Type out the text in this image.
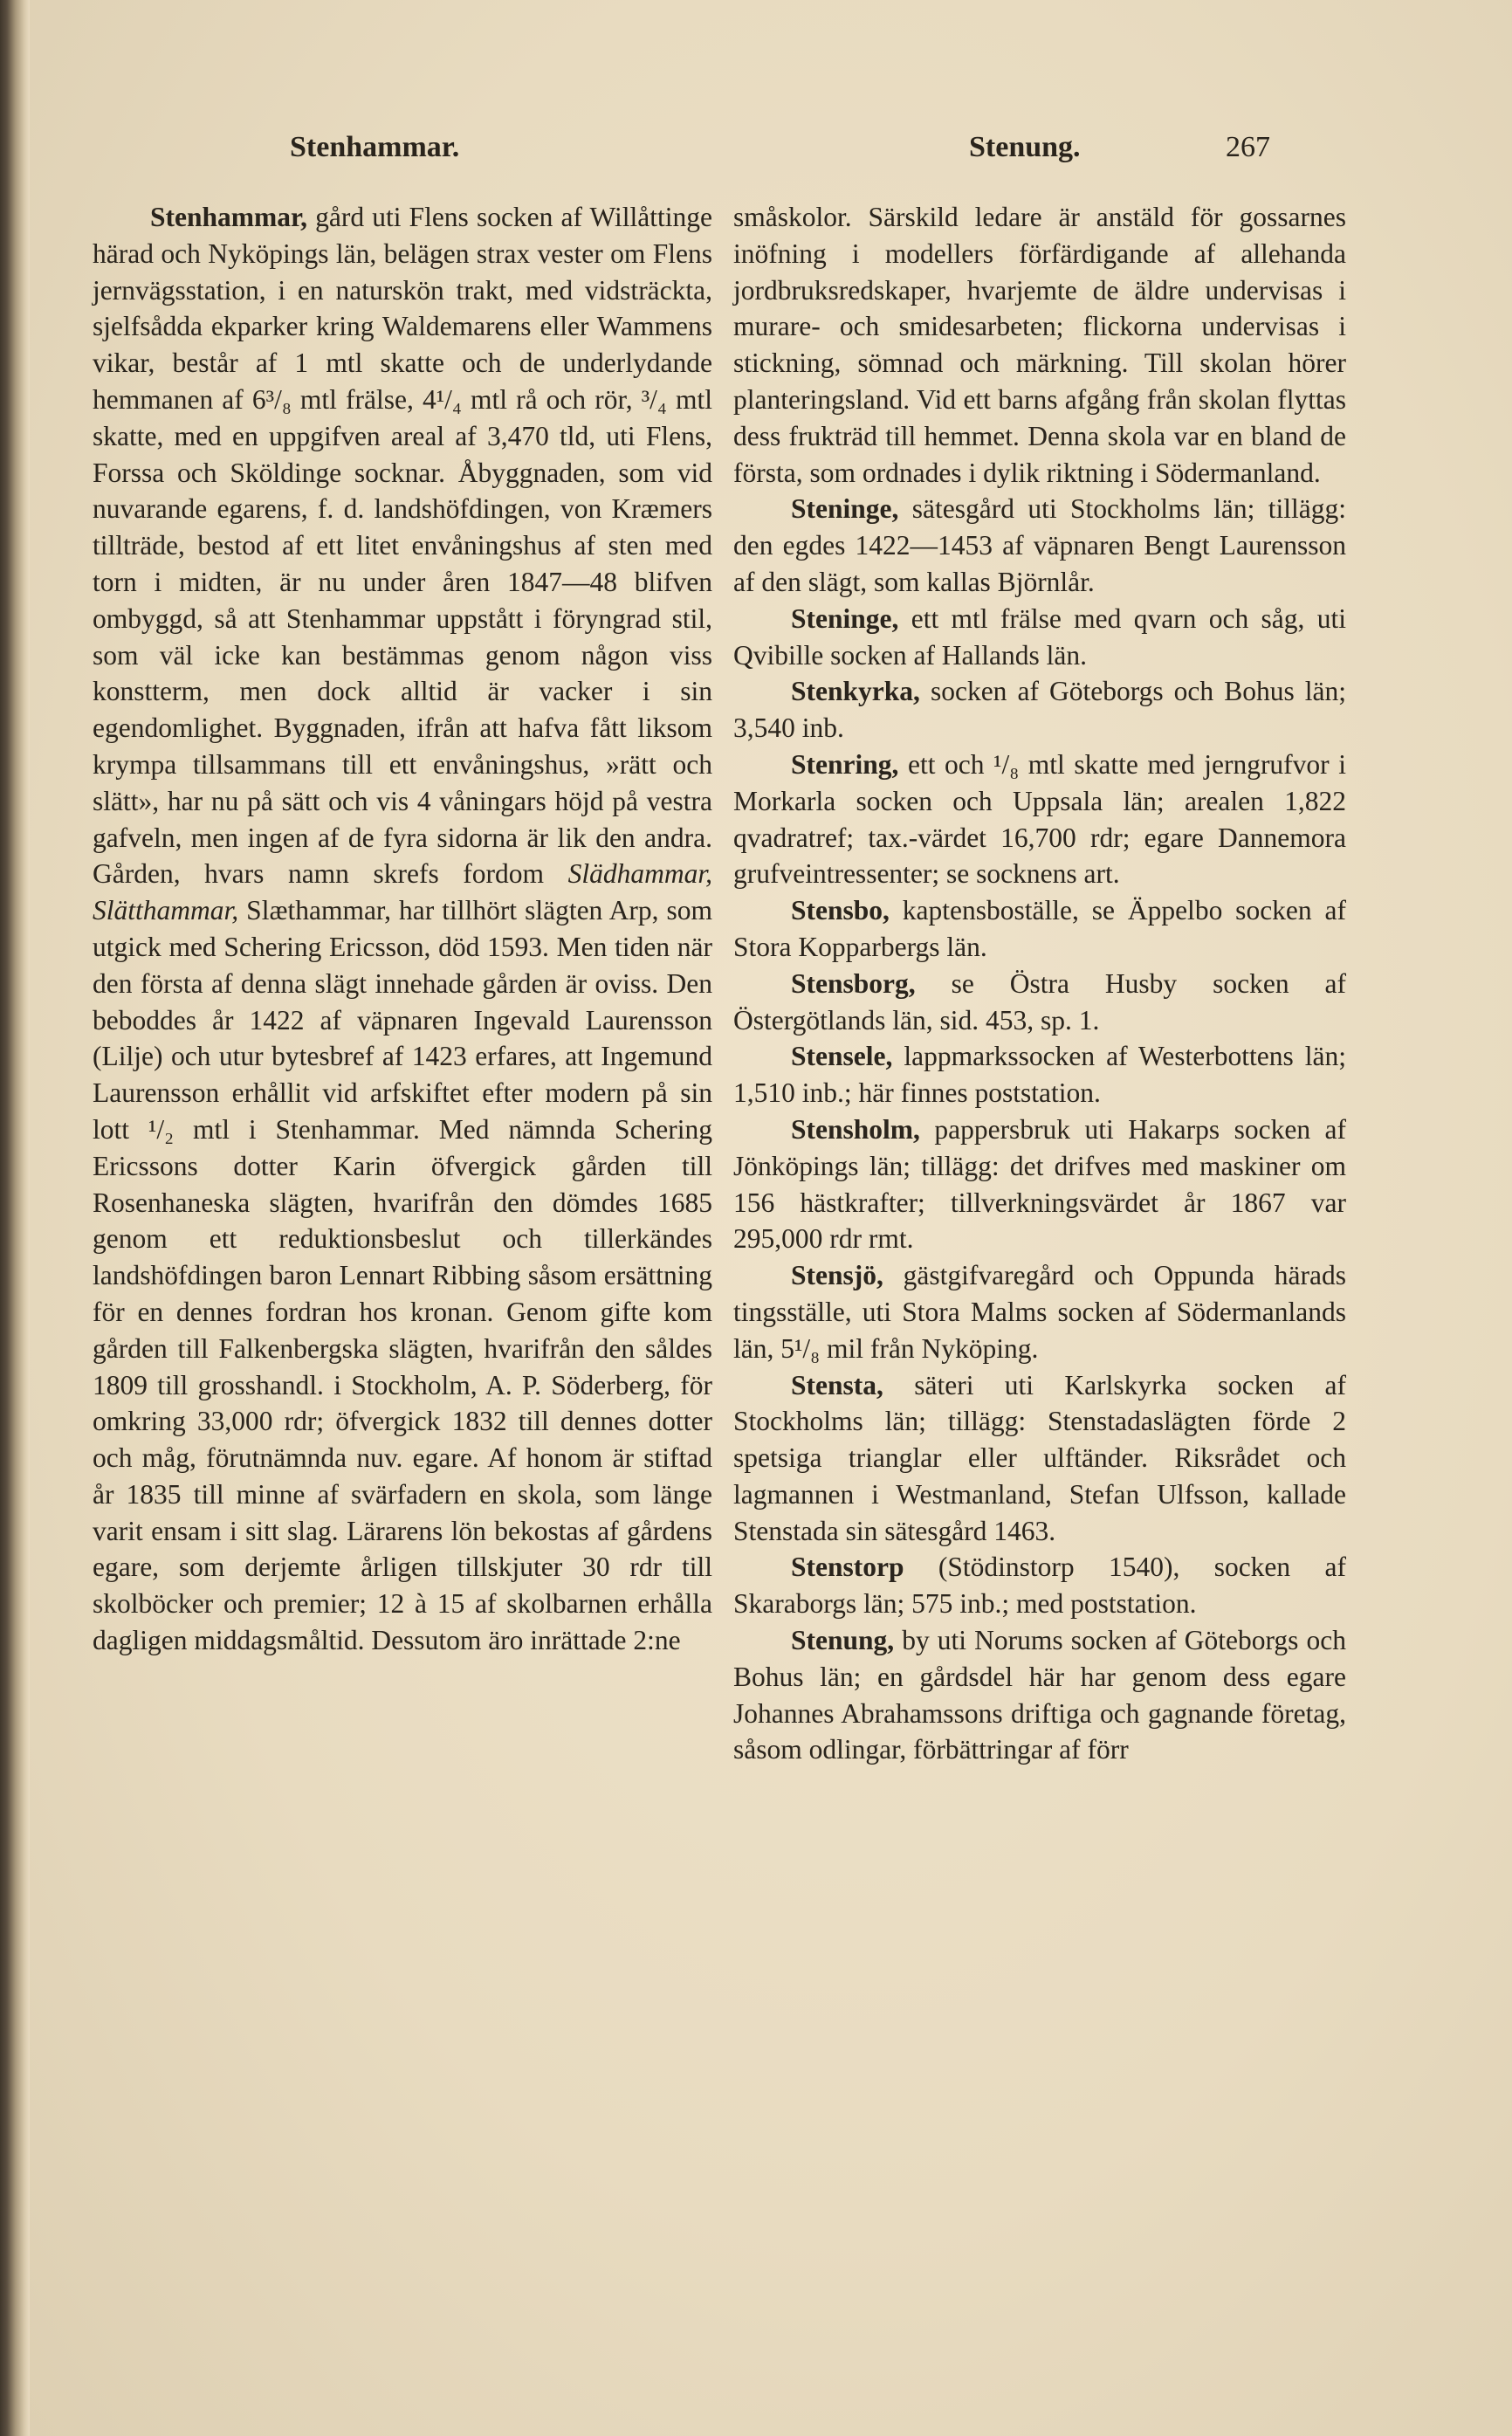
Stenhammar.	Stenung.	267

Stenhammar, gård uti Flens socken af Willåttinge härad och Nyköpings län, belägen strax vester om Flens jernvägsstation, i en naturskön trakt, med vidsträckta, sjelfsådda ekparker kring Waldemarens eller Wammens vikar, består af 1 mtl skatte och de underlydande hemmanen af 6³/₈ mtl frälse, 4¹/₄ mtl rå och rör, ³/₄ mtl skatte, med en uppgifven areal af 3,470 tld, uti Flens, Forssa och Sköldinge socknar. Åbyggnaden, som vid nuvarande egarens, f. d. landshöfdingen, von Kræmers tillträde, bestod af ett litet envåningshus af sten med torn i midten, är nu under åren 1847—48 blifven ombyggd, så att Stenhammar uppstått i föryngrad stil, som väl icke kan bestämmas genom någon viss konstterm, men dock alltid är vacker i sin egendomlighet. Byggnaden, ifrån att hafva fått liksom krympa tillsammans till ett envåningshus, »rätt och slätt», har nu på sätt och vis 4 våningars höjd på vestra gafveln, men ingen af de fyra sidorna är lik den andra. Gården, hvars namn skrefs fordom Slädhammar, Slätthammar, Slæthammar, har tillhört slägten Arp, som utgick med Schering Ericsson, död 1593. Men tiden när den första af denna slägt innehade gården är oviss. Den beboddes år 1422 af väpnaren Ingevald Laurensson (Lilje) och utur bytesbref af 1423 erfares, att Ingemund Laurensson erhållit vid arfskiftet efter modern på sin lott ¹/₂ mtl i Stenhammar. Med nämnda Schering Ericssons dotter Karin öfvergick gården till Rosenhaneska slägten, hvarifrån den dömdes 1685 genom ett reduktionsbeslut och tillerkändes landshöfdingen baron Lennart Ribbing såsom ersättning för en dennes fordran hos kronan. Genom gifte kom gården till Falkenbergska slägten, hvarifrån den såldes 1809 till grosshandl. i Stockholm, A. P. Söderberg, för omkring 33,000 rdr; öfvergick 1832 till dennes dotter och måg, förutnämnda nuv. egare. Af honom är stiftad år 1835 till minne af svärfadern en skola, som länge varit ensam i sitt slag. Lärarens lön bekostas af gårdens egare, som derjemte årligen tillskjuter 30 rdr till skolböcker och premier; 12 à 15 af skolbarnen erhålla dagligen middagsmåltid. Dessutom äro inrättade 2:ne

småskolor. Särskild ledare är anstäld för gossarnes inöfning i modellers förfärdigande af allehanda jordbruksredskaper, hvarjemte de äldre undervisas i murare- och smidesarbeten; flickorna undervisas i stickning, sömnad och märkning. Till skolan hörer planteringsland. Vid ett barns afgång från skolan flyttas dess frukträd till hemmet. Denna skola var en bland de första, som ordnades i dylik riktning i Södermanland.

Steninge, sätesgård uti Stockholms län; tillägg: den egdes 1422—1453 af väpnaren Bengt Laurensson af den slägt, som kallas Björnlår.

Steninge, ett mtl frälse med qvarn och såg, uti Qvibille socken af Hallands län.

Stenkyrka, socken af Göteborgs och Bohus län; 3,540 inb.

Stenring, ett och ¹/₈ mtl skatte med jerngrufvor i Morkarla socken och Uppsala län; arealen 1,822 qvadratref; tax.-värdet 16,700 rdr; egare Dannemora grufveintressenter; se socknens art.

Stensbo, kaptensboställe, se Äppelbo socken af Stora Kopparbergs län.

Stensborg, se Östra Husby socken af Östergötlands län, sid. 453, sp. 1.

Stensele, lappmarkssocken af Westerbottens län; 1,510 inb.; här finnes poststation.

Stensholm, pappersbruk uti Hakarps socken af Jönköpings län; tillägg: det drifves med maskiner om 156 hästkrafter; tillverkningsvärdet år 1867 var 295,000 rdr rmt.

Stensjö, gästgifvaregård och Oppunda härads tingsställe, uti Stora Malms socken af Södermanlands län, 5¹/₈ mil från Nyköping.

Stensta, säteri uti Karlskyrka socken af Stockholms län; tillägg: Stenstadaslägten förde 2 spetsiga trianglar eller ulftänder. Riksrådet och lagmannen i Westmanland, Stefan Ulfsson, kallade Stenstada sin sätesgård 1463.

Stenstorp (Stödinstorp 1540), socken af Skaraborgs län; 575 inb.; med poststation.

Stenung, by uti Norums socken af Göteborgs och Bohus län; en gårdsdel här har genom dess egare Johannes Abrahamssons driftiga och gagnande företag, såsom odlingar, förbättringar af förr
